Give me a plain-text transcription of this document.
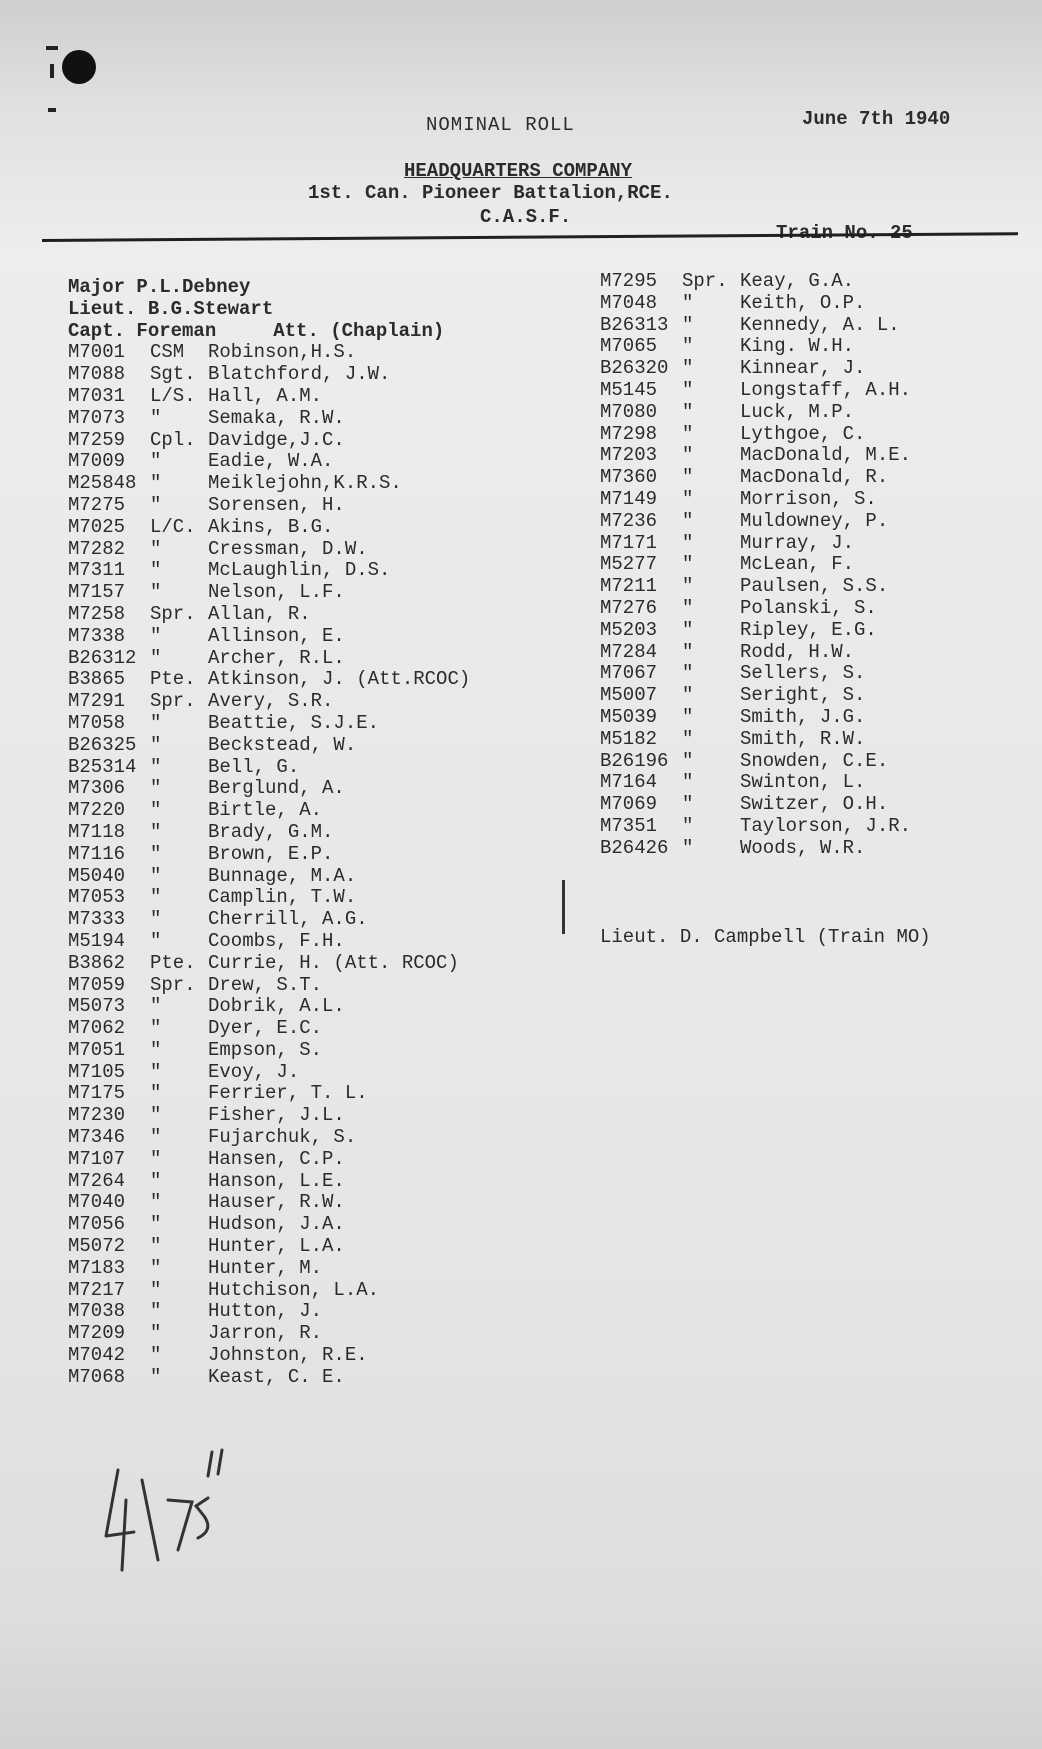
NOMINAL ROLL	June 7th 1940
HEADQUARTERS COMPANY
1st. Can. Pioneer Battalion,RCE.
C.A.S.F.
Major P.L.Debney
Lieut. B.G.Stewart
Capt. Foreman     Att. (Chaplain)
M7001 CSM Robinson,H.S.
M7088 Sgt. Blatchford, J.W.
M7031 L/S. Hall, A.M.
M7073 " Semaka, R.W.
M7259 Cpl. Davidge,J.C.
M7009 " Eadie, W.A.
M25848 " Meiklejohn,K.R.S.
M7275 " Sorensen, H.
M7025 L/C. Akins, B.G.
M7282 " Cressman, D.W.
M7311 " McLaughlin, D.S.
M7157 " Nelson, L.F.
M7258 Spr. Allan, R.
M7338 " Allinson, E.
B26312 " Archer, R.L.
B3865 Pte. Atkinson, J. (Att.RCOC)
M7291 Spr. Avery, S.R.
M7058 " Beattie, S.J.E.
B26325 " Beckstead, W.
B25314 " Bell, G.
M7306 " Berglund, A.
M7220 " Birtle, A.
M7118 " Brady, G.M.
M7116 " Brown, E.P.
M5040 " Bunnage, M.A.
M7053 " Camplin, T.W.
M7333 " Cherrill, A.G.
M5194 " Coombs, F.H.
B3862 Pte. Currie, H. (Att. RCOC)
M7059 Spr. Drew, S.T.
M5073 " Dobrik, A.L.
M7062 " Dyer, E.C.
M7051 " Empson, S.
M7105 " Evoy, J.
M7175 " Ferrier, T. L.
M7230 " Fisher, J.L.
M7346 " Fujarchuk, S.
M7107 " Hansen, C.P.
M7264 " Hanson, L.E.
M7040 " Hauser, R.W.
M7056 " Hudson, J.A.
M5072 " Hunter, L.A.
M7183 " Hunter, M.
M7217 " Hutchison, L.A.
M7038 " Hutton, J.
M7209 " Jarron, R.
M7042 " Johnston, R.E.
M7068 " Keast, C. E.
M7295 Spr. Keay, G.A.
M7048 " Keith, O.P.
B26313 " Kennedy, A. L.
M7065 " King. W.H.
B26320 " Kinnear, J.
M5145 " Longstaff, A.H.
M7080 " Luck, M.P.
M7298 " Lythgoe, C.
M7203 " MacDonald, M.E.
M7360 " MacDonald, R.
M7149 " Morrison, S.
M7236 " Muldowney, P.
M7171 " Murray, J.
M5277 " McLean, F.
M7211 " Paulsen, S.S.
M7276 " Polanski, S.
M5203 " Ripley, E.G.
M7284 " Rodd, H.W.
M7067 " Sellers, S.
M5007 " Seright, S.
M5039 " Smith, J.G.
M5182 " Smith, R.W.
B26196 " Snowden, C.E.
M7164 " Swinton, L.
M7069 " Switzer, O.H.
M7351 " Taylorson, J.R.
B26426 " Woods, W.R.
Lieut. D. Campbell (Train MO)
